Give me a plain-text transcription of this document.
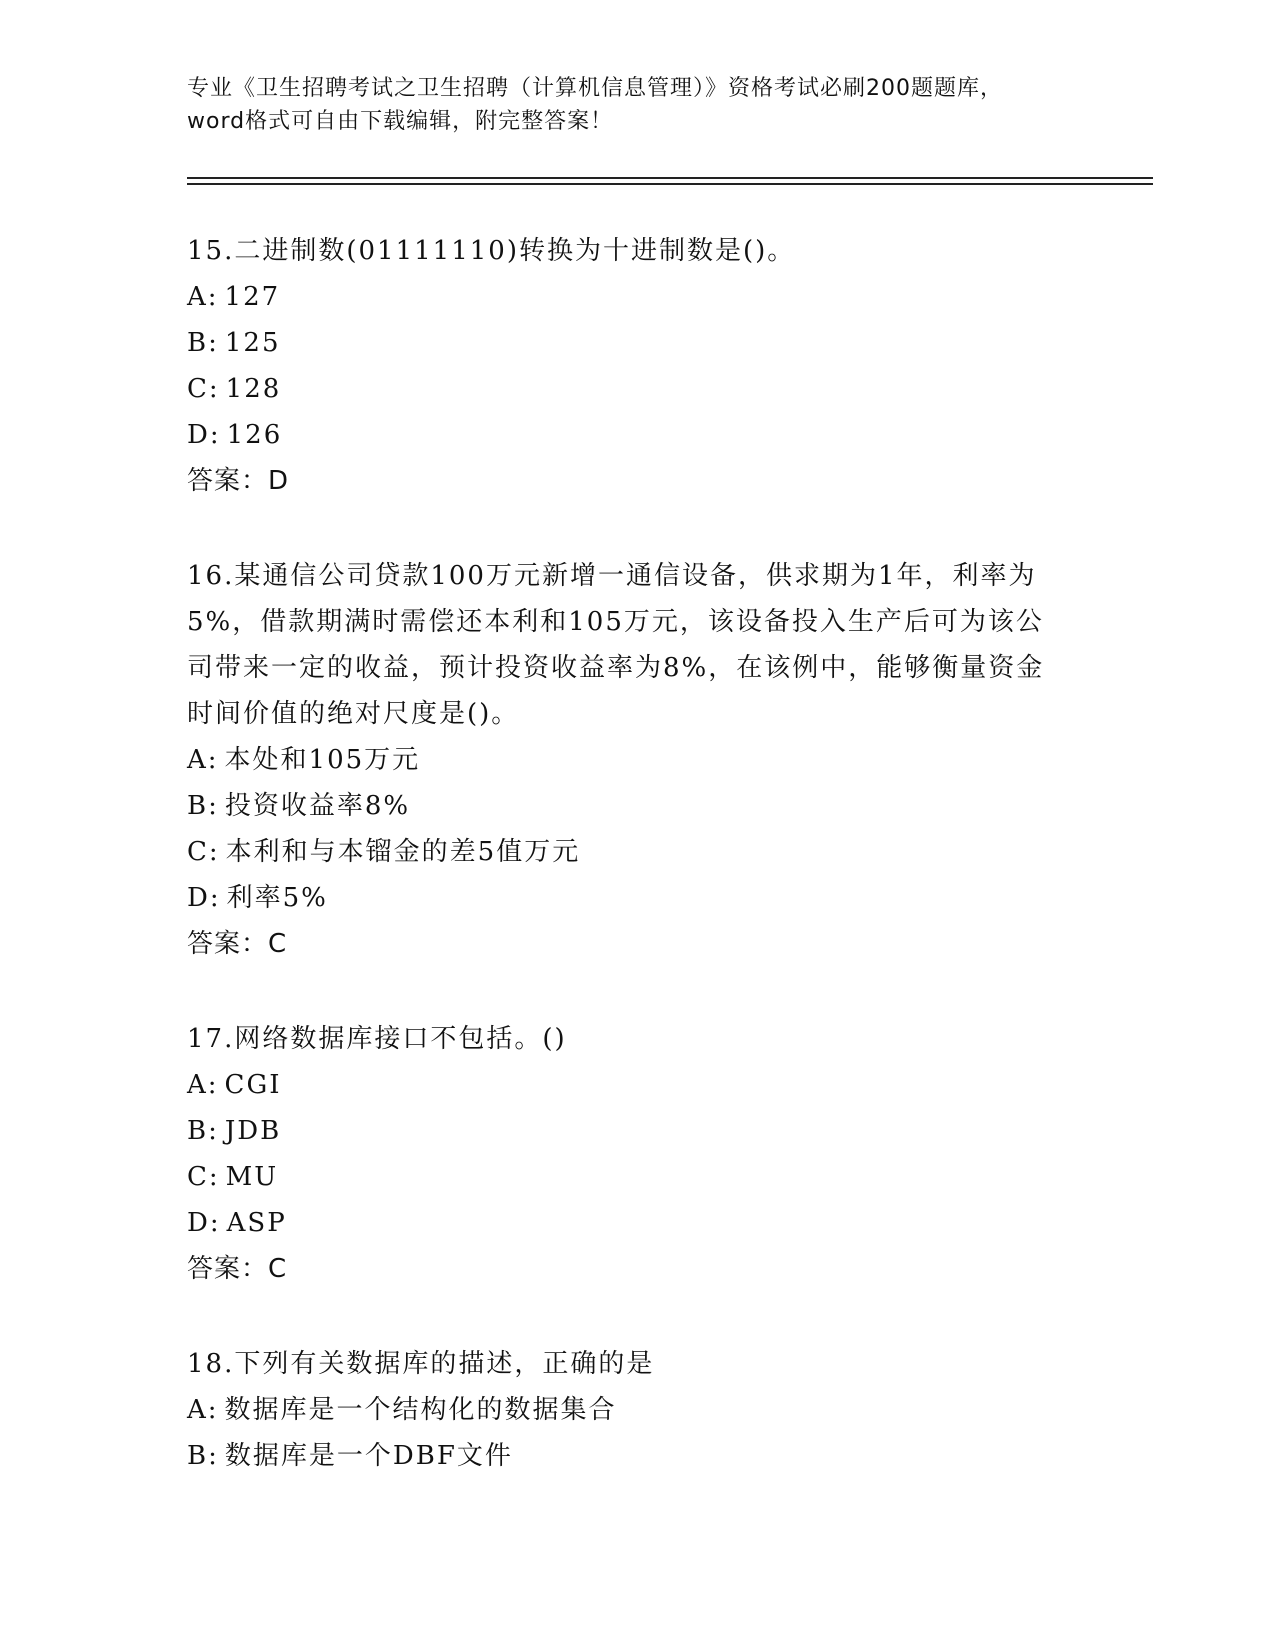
专业《卫生招聘考试之卫生招聘（计算机信息管理）》资格考试必刷200题题库，
word格式可自由下载编辑，附完整答案！
15.二进制数(01111110)转换为十进制数是()。
A: 127
B: 125
C: 128
D: 126
答案：D
16.某通信公司贷款100万元新增一通信设备，供求期为1年，利率为
5%，借款期满时需偿还本利和105万元，该设备投入生产后可为该公
司带来一定的收益，预计投资收益率为8%，在该例中，能够衡量资金
时间价值的绝对尺度是()。
A: 本处和105万元
B: 投资收益率8%
C: 本利和与本镏金的差5值万元
D: 利率5%
答案：C
17.网络数据库接口不包括。()
A: CGI
B: JDB
C: MU
D: ASP
答案：C
18.下列有关数据库的描述，正确的是
A: 数据库是一个结构化的数据集合
B: 数据库是一个DBF文件
